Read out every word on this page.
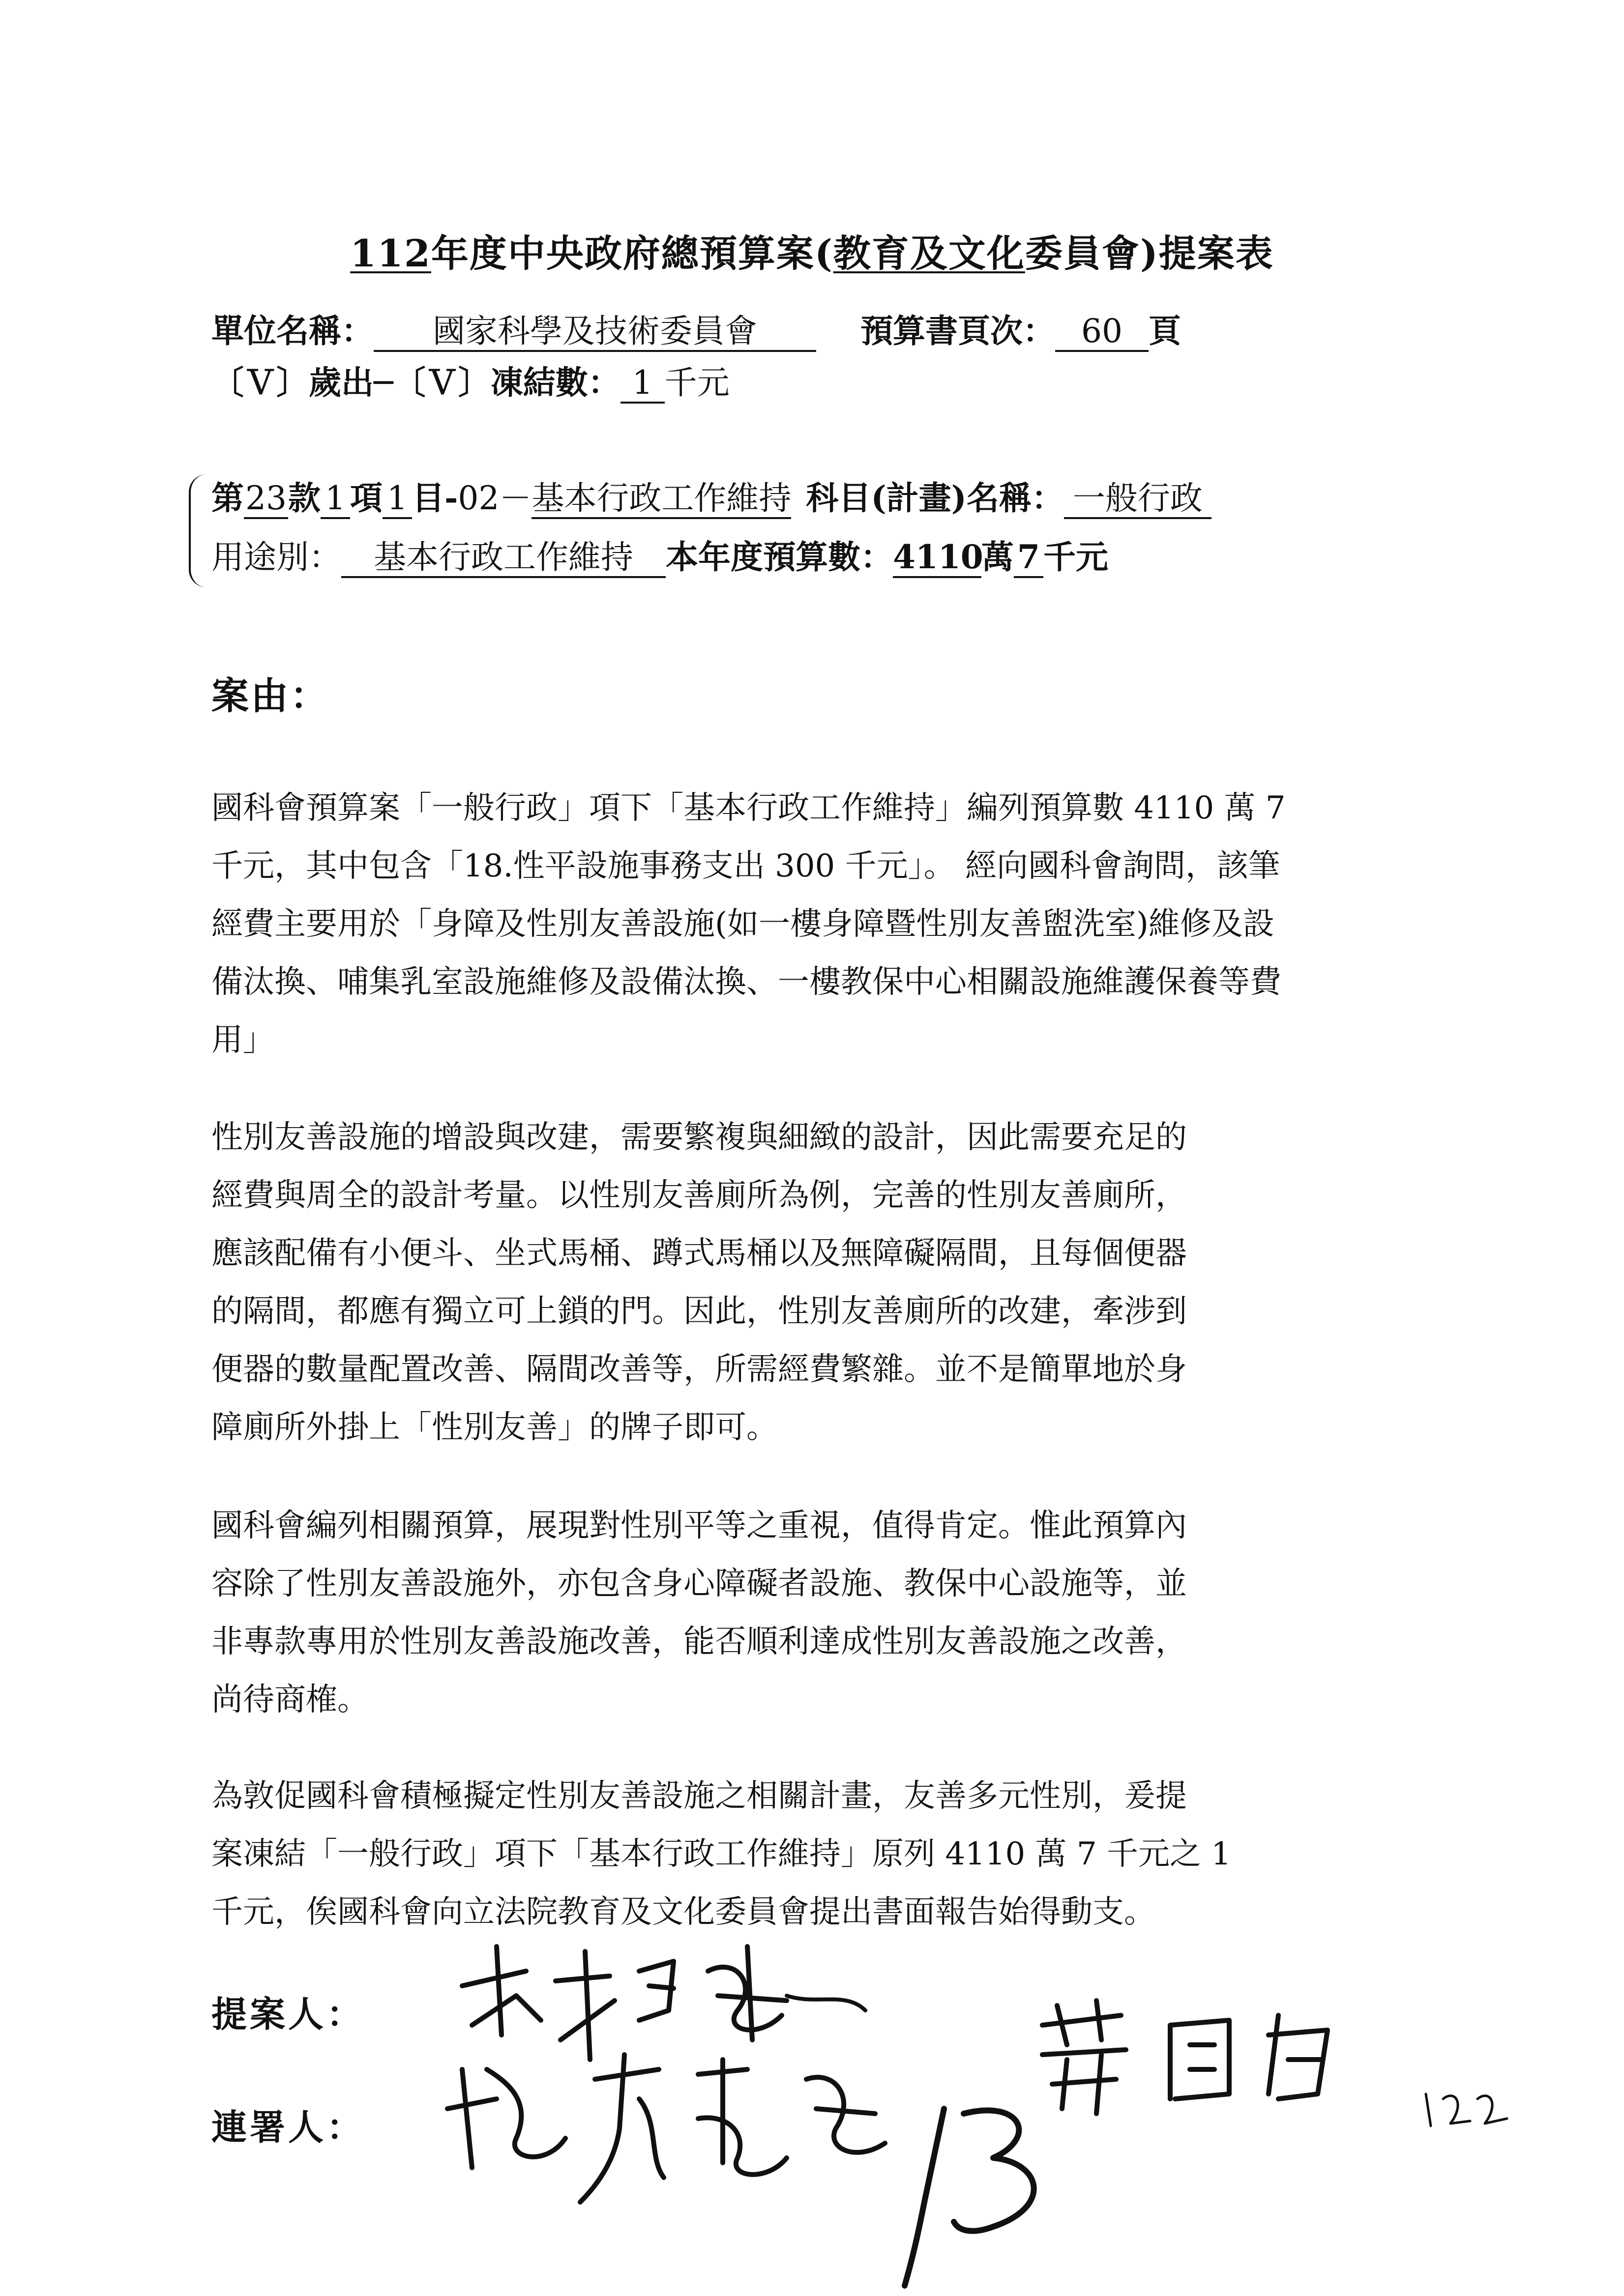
112年度中央政府總預算案(教育及文化委員會)提案表
單位名稱： 國家科學及技術委員會	預算書頁次： 60 頁
〔Ｖ〕歲出─〔Ｖ〕凍結數： 1 千元
第23款 1 項 1 目-02－基本行政工作維持 科目(計畫)名稱： 一般行政
用途別： 基本行政工作維持 本年度預算數：4110萬 7 千元
案由：

國科會預算案「一般行政」項下「基本行政工作維持」編列預算數 4110 萬 7

千元，其中包含「18.性平設施事務支出 300 千元」。 經向國科會詢問，該筆

經費主要用於「身障及性別友善設施(如一樓身障暨性別友善盥洗室)維修及設

備汰換、哺集乳室設施維修及設備汰換、一樓教保中心相關設施維護保養等費

用」

性別友善設施的增設與改建，需要繁複與細緻的設計，因此需要充足的

經費與周全的設計考量。以性別友善廁所為例，完善的性別友善廁所，

應該配備有小便斗、坐式馬桶、蹲式馬桶以及無障礙隔間，且每個便器

的隔間，都應有獨立可上鎖的門。因此，性別友善廁所的改建，牽涉到

便器的數量配置改善、隔間改善等，所需經費繁雜。並不是簡單地於身

障廁所外掛上「性別友善」的牌子即可。

國科會編列相關預算，展現對性別平等之重視，值得肯定。惟此預算內

容除了性別友善設施外，亦包含身心障礙者設施、教保中心設施等，並

非專款專用於性別友善設施改善，能否順利達成性別友善設施之改善，

尚待商榷。

為敦促國科會積極擬定性別友善設施之相關計畫，友善多元性別，爰提

案凍結「一般行政」項下「基本行政工作維持」原列 4110 萬 7 千元之 1

千元，俟國科會向立法院教育及文化委員會提出書面報告始得動支。

提案人：
連署人：
